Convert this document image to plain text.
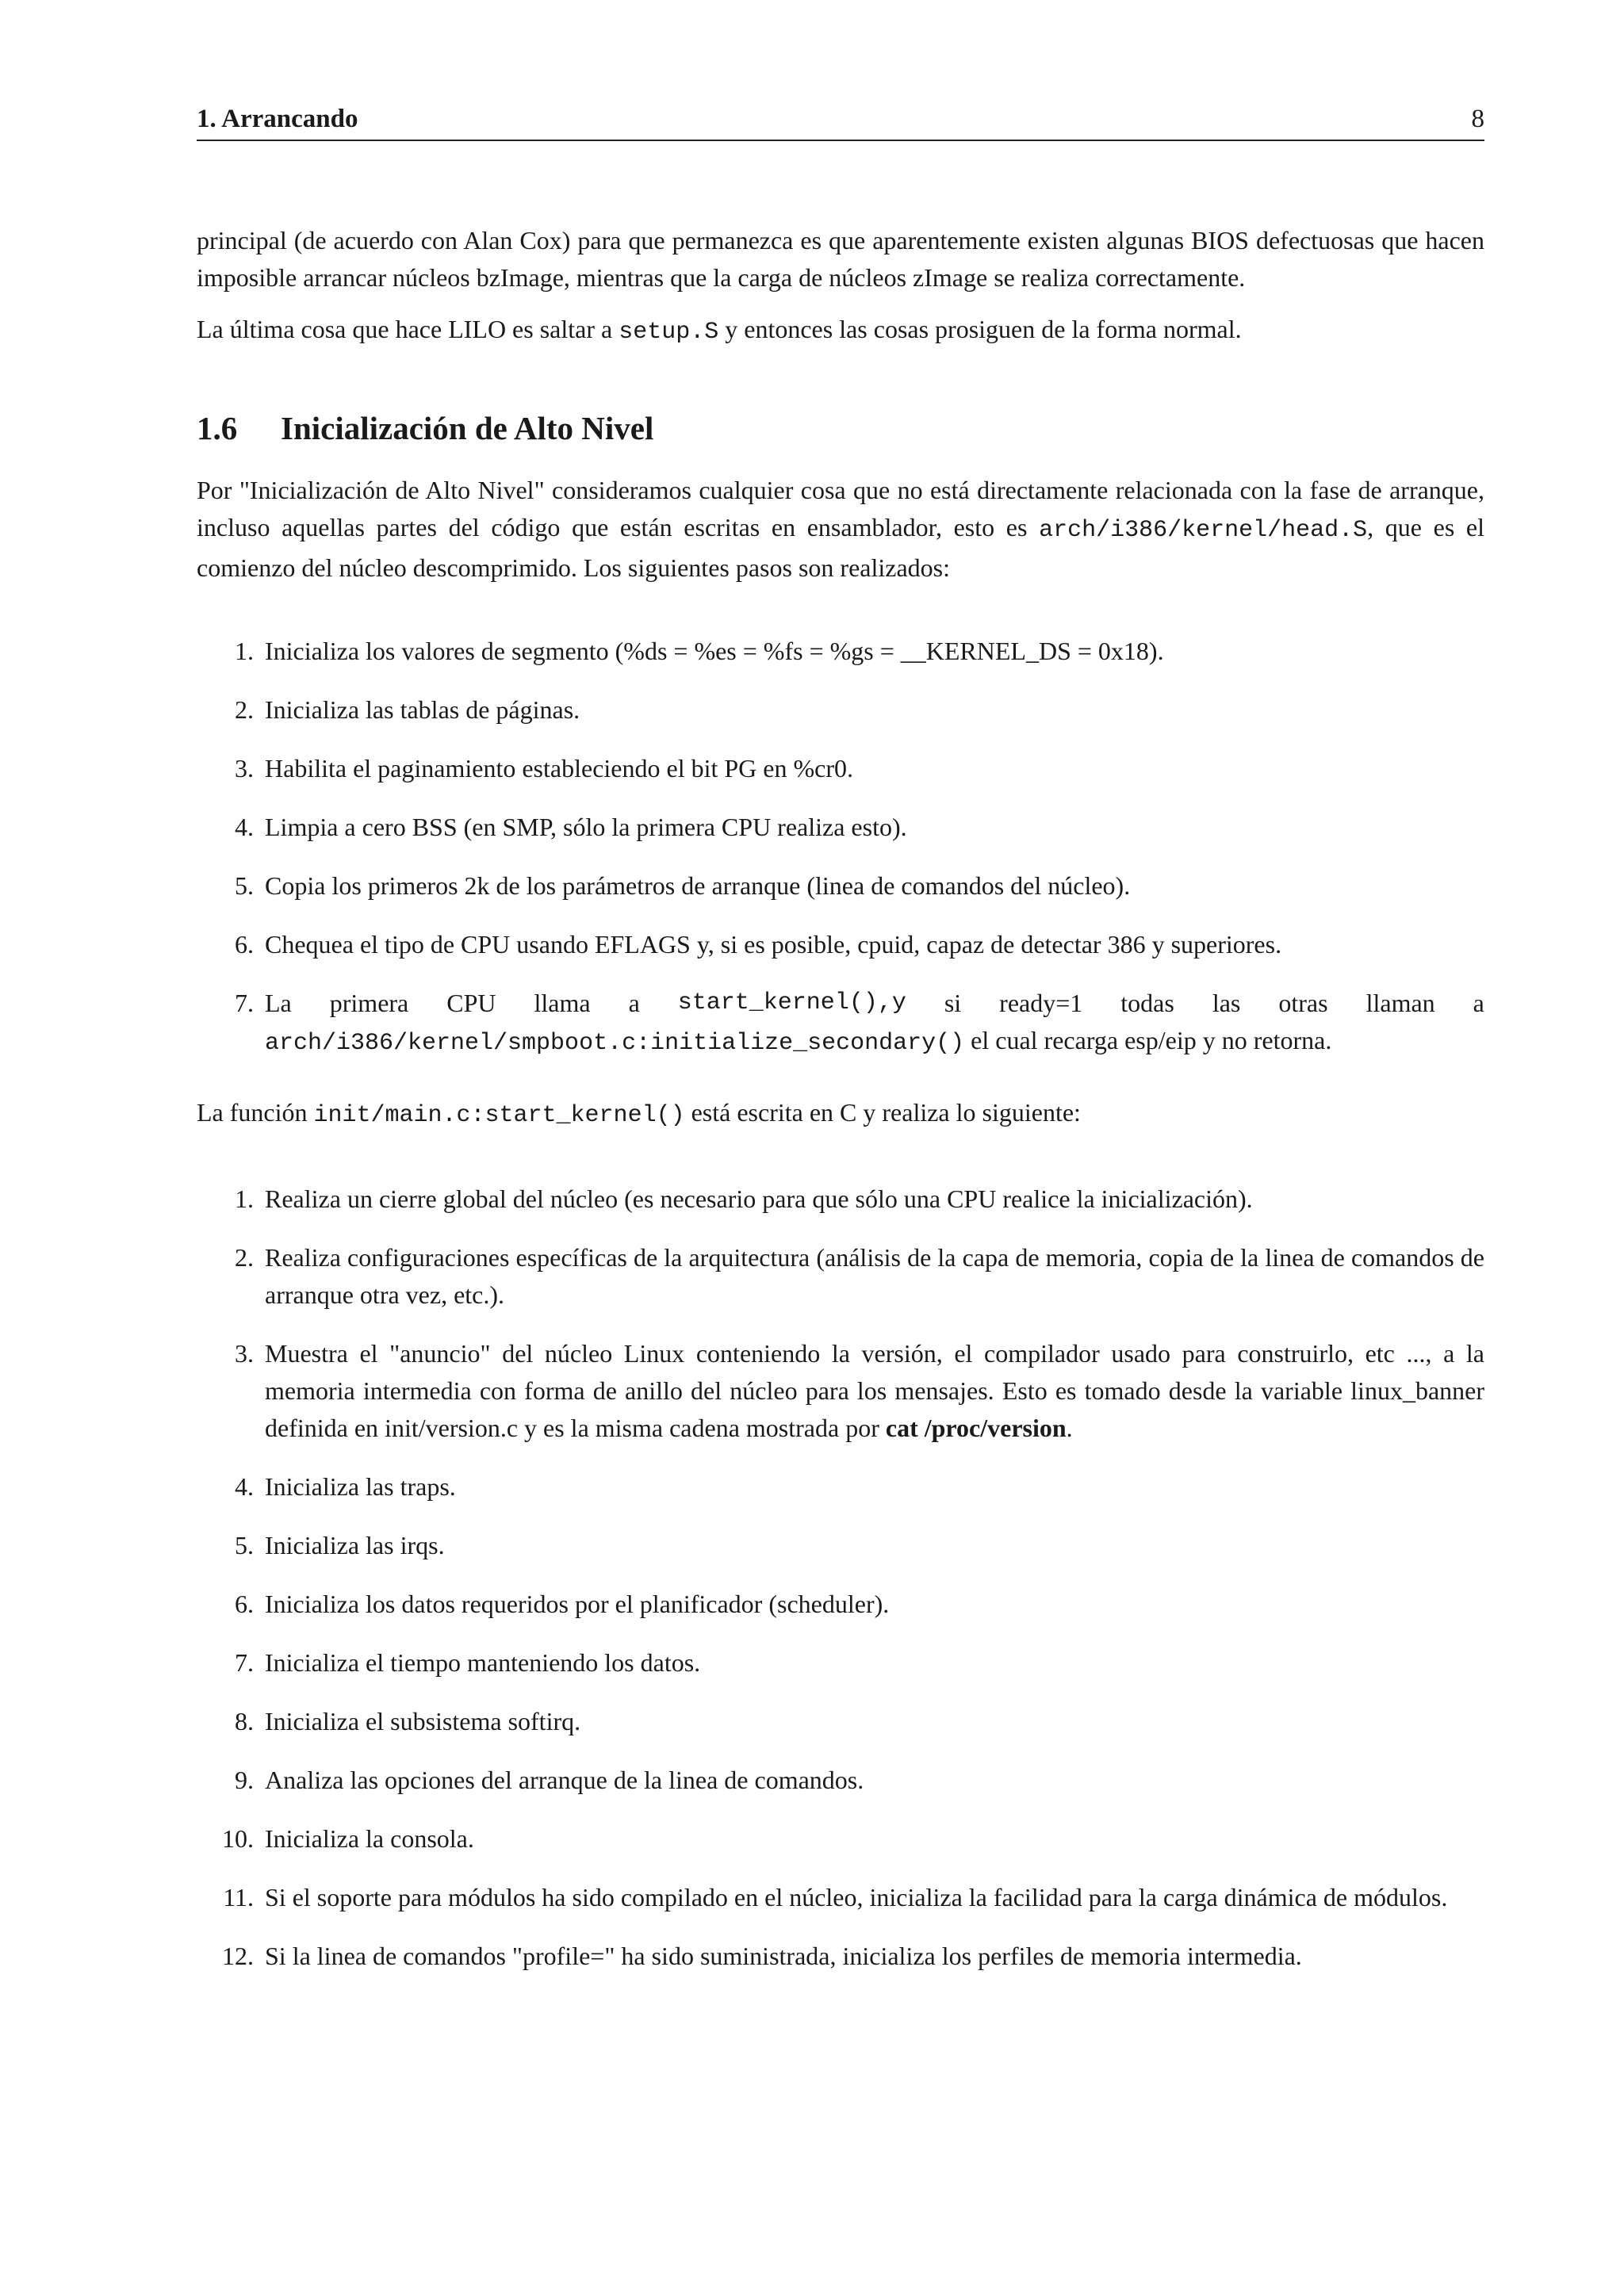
1. Arrancando	8

principal (de acuerdo con Alan Cox) para que permanezca es que aparentemente existen algunas BIOS defectuosas que hacen imposible arrancar núcleos bzImage, mientras que la carga de núcleos zImage se realiza correctamente.

La última cosa que hace LILO es saltar a setup.S y entonces las cosas prosiguen de la forma normal.

1.6 Inicialización de Alto Nivel

Por "Inicialización de Alto Nivel" consideramos cualquier cosa que no está directamente relacionada con la fase de arranque, incluso aquellas partes del código que están escritas en ensamblador, esto es arch/i386/kernel/head.S, que es el comienzo del núcleo descomprimido. Los siguientes pasos son realizados:

1. Inicializa los valores de segmento (%ds = %es = %fs = %gs = __KERNEL_DS = 0x18).
2. Inicializa las tablas de páginas.
3. Habilita el paginamiento estableciendo el bit PG en %cr0.
4. Limpia a cero BSS (en SMP, sólo la primera CPU realiza esto).
5. Copia los primeros 2k de los parámetros de arranque (linea de comandos del núcleo).
6. Chequea el tipo de CPU usando EFLAGS y, si es posible, cpuid, capaz de detectar 386 y superiores.
7. La primera CPU llama a start_kernel(),y si ready=1 todas las otras llaman a
arch/i386/kernel/smpboot.c:initialize_secondary() el cual recarga esp/eip y no retorna.

La función init/main.c:start_kernel() está escrita en C y realiza lo siguiente:

1. Realiza un cierre global del núcleo (es necesario para que sólo una CPU realice la inicialización).
2. Realiza configuraciones específicas de la arquitectura (análisis de la capa de memoria, copia de la linea de comandos de arranque otra vez, etc.).
3. Muestra el "anuncio" del núcleo Linux conteniendo la versión, el compilador usado para construirlo, etc ..., a la memoria intermedia con forma de anillo del núcleo para los mensajes. Esto es tomado desde la variable linux_banner definida en init/version.c y es la misma cadena mostrada por cat /proc/version.
4. Inicializa las traps.
5. Inicializa las irqs.
6. Inicializa los datos requeridos por el planificador (scheduler).
7. Inicializa el tiempo manteniendo los datos.
8. Inicializa el subsistema softirq.
9. Analiza las opciones del arranque de la linea de comandos.
10. Inicializa la consola.
11. Si el soporte para módulos ha sido compilado en el núcleo, inicializa la facilidad para la carga dinámica de módulos.
12. Si la linea de comandos "profile=" ha sido suministrada, inicializa los perfiles de memoria intermedia.
